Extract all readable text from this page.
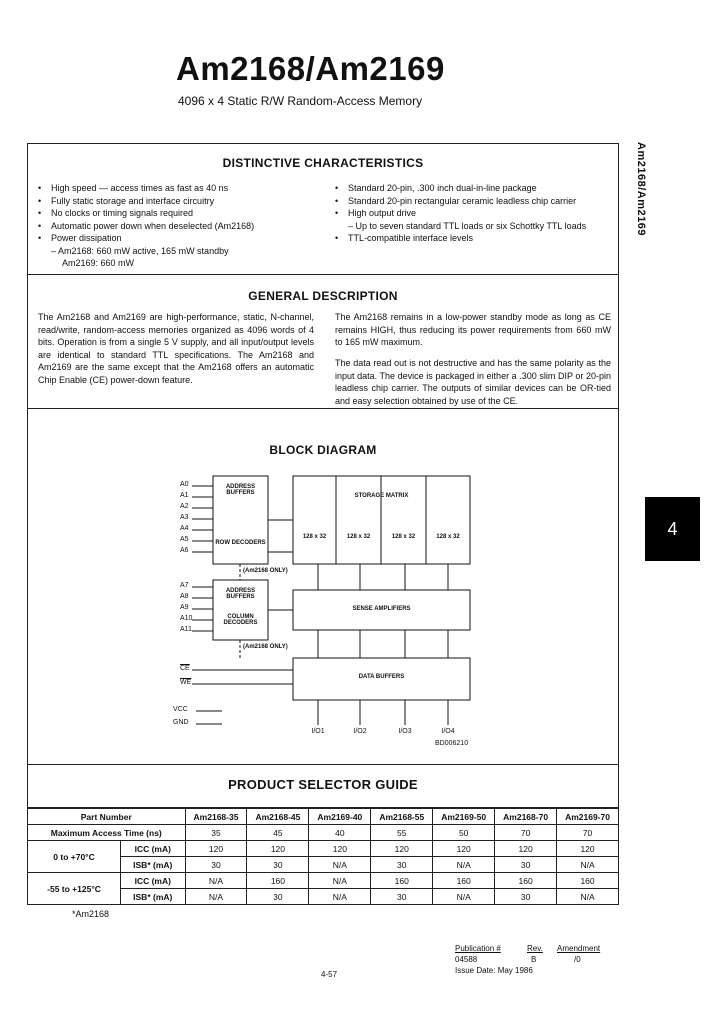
Am2168/Am2169
4096 x 4 Static R/W Random-Access Memory
Am2168/Am2169
4
DISTINCTIVE CHARACTERISTICS
•	High speed — access times as fast as 40 ns
•	Fully static storage and interface circuitry
•	No clocks or timing signals required
•	Automatic power down when deselected (Am2168)
•	Power dissipation
– Am2168: 660 mW active, 165 mW standby
Am2169: 660 mW
•	Standard 20-pin, .300 inch dual-in-line package
•	Standard 20-pin rectangular ceramic leadless chip carrier
•	High output drive
– Up to seven standard TTL loads or six Schottky TTL loads
•	TTL-compatible interface levels
GENERAL DESCRIPTION

The Am2168 and Am2169 are high-performance, static, N-channel, read/write, random-access memories organized as 4096 words of 4 bits. Operation is from a single 5 V supply, and all input/output levels are identical to standard TTL specifications. The Am2168 and Am2169 are the same except that the Am2168 offers an automatic Chip Enable (CE) power-down feature.

The Am2168 remains in a low-power standby mode as long as CE remains HIGH, thus reducing its power requirements from 660 mW to 165 mW maximum.

The data read out is not destructive and has the same polarity as the input data. The device is packaged in either a .300 slim DIP or 20-pin leadless chip carrier. The outputs of similar devices can be OR-tied and easy selection obtained by use of the CE.

BLOCK DIAGRAM
ADDRESS BUFFERS
ROW DECODERS
ADDRESS BUFFERS
COLUMN DECODERS
STORAGE MATRIX
128 x 32	128 x 32	128 x 32	128 x 32
SENSE AMPLIFIERS
DATA BUFFERS
(Am2168 ONLY)
(Am2168 ONLY)
A0
A1
A2
A3
A4
A5
A6
A7
A8
A9
A10
A11
$\overline{CE}$
$\overline{WE}$
VCC
GND
I/O1	I/O2	I/O3	I/O4
BD006210
PRODUCT SELECTOR GUIDE
Part Number		Am2168-35	Am2168-45	Am2169-40	Am2168-55	Am2169-50	Am2168-70	Am2169-70
Maximum Access Time (ns)		35	45	40	55	50	70	70
0 to +70°C	ICC (mA)	120	120	120	120	120	120	120
	ISB* (mA)	30	30	N/A	30	N/A	30	N/A
-55 to +125°C	ICC (mA)	N/A	160	N/A	160	160	160	160
	ISB* (mA)	N/A	30	N/A	30	N/A	30	N/A
*Am2168
Publication #	Rev. Amendment
04588	B	/0
Issue Date: May 1986
4-57
